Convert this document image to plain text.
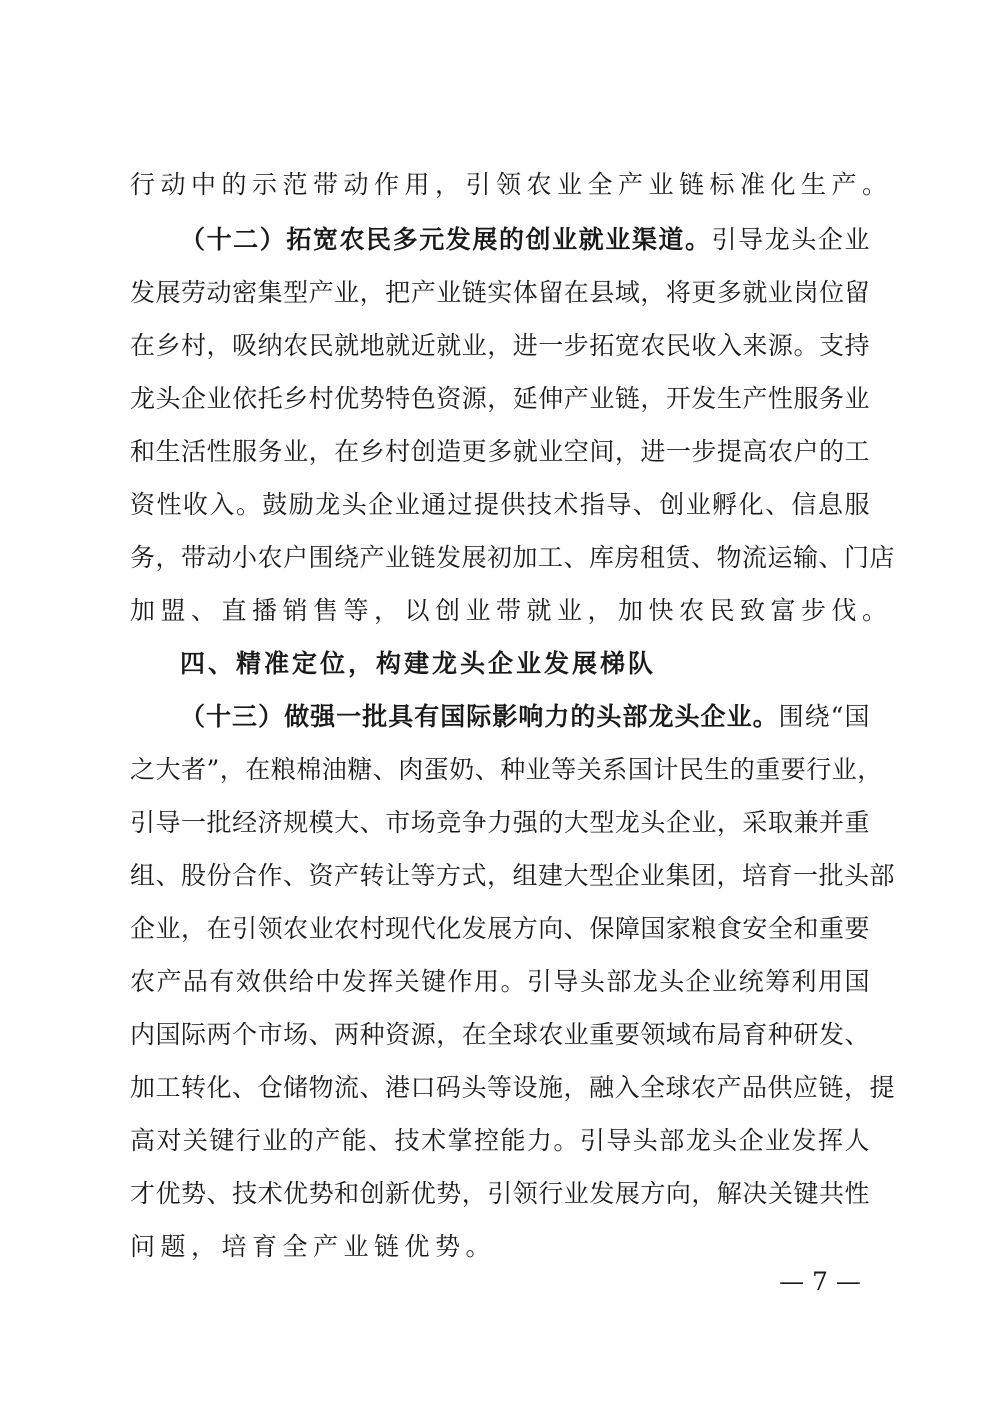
行动中的示范带动作用，引领农业全产业链标准化生产。
（十二）拓宽农民多元发展的创业就业渠道。引导龙头企业
发展劳动密集型产业，把产业链实体留在县域，将更多就业岗位留
在乡村，吸纳农民就地就近就业，进一步拓宽农民收入来源。支持
龙头企业依托乡村优势特色资源，延伸产业链，开发生产性服务业
和生活性服务业，在乡村创造更多就业空间，进一步提高农户的工
资性收入。鼓励龙头企业通过提供技术指导、创业孵化、信息服
务，带动小农户围绕产业链发展初加工、库房租赁、物流运输、门店
加盟、直播销售等，以创业带就业，加快农民致富步伐。
四、精准定位，构建龙头企业发展梯队
（十三）做强一批具有国际影响力的头部龙头企业。围绕“国
之大者”，在粮棉油糖、肉蛋奶、种业等关系国计民生的重要行业，
引导一批经济规模大、市场竞争力强的大型龙头企业，采取兼并重
组、股份合作、资产转让等方式，组建大型企业集团，培育一批头部
企业，在引领农业农村现代化发展方向、保障国家粮食安全和重要
农产品有效供给中发挥关键作用。引导头部龙头企业统筹利用国
内国际两个市场、两种资源，在全球农业重要领域布局育种研发、
加工转化、仓储物流、港口码头等设施，融入全球农产品供应链，提
高对关键行业的产能、技术掌控能力。引导头部龙头企业发挥人
才优势、技术优势和创新优势，引领行业发展方向，解决关键共性
问题，培育全产业链优势。
— 7 —
